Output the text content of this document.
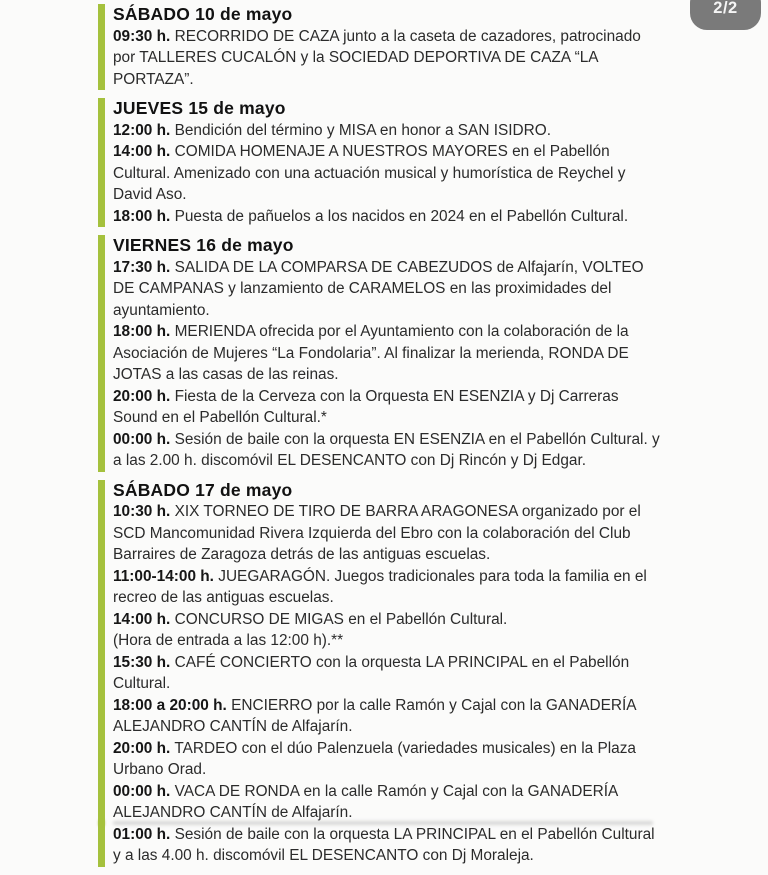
2/2
SÁBADO 10 de mayo

09:30 h. RECORRIDO DE CAZA junto a la caseta de cazadores, patrocinado por TALLERES CUCALÓN y la SOCIEDAD DEPORTIVA DE CAZA “LA PORTAZA”.

JUEVES 15 de mayo

12:00 h. Bendición del término y MISA en honor a SAN ISIDRO.

14:00 h. COMIDA HOMENAJE A NUESTROS MAYORES en el Pabellón Cultural. Amenizado con una actuación musical y humorística de Reychel y David Aso.

18:00 h. Puesta de pañuelos a los nacidos en 2024 en el Pabellón Cultural.

VIERNES 16 de mayo

17:30 h. SALIDA DE LA COMPARSA DE CABEZUDOS de Alfajarín, VOLTEO DE CAMPANAS y lanzamiento de CARAMELOS en las proximidades del ayuntamiento.

18:00 h. MERIENDA ofrecida por el Ayuntamiento con la colaboración de la Asociación de Mujeres “La Fondolaria”. Al finalizar la merienda, RONDA DE JOTAS a las casas de las reinas.

20:00 h. Fiesta de la Cerveza con la Orquesta EN ESENZIA y Dj Carreras Sound en el Pabellón Cultural.*

00:00 h. Sesión de baile con la orquesta EN ESENZIA en el Pabellón Cultural. y a las 2.00 h. discomóvil EL DESENCANTO con Dj Rincón y Dj Edgar.

SÁBADO 17 de mayo

10:30 h. XIX TORNEO DE TIRO DE BARRA ARAGONESA organizado por el SCD Mancomunidad Rivera Izquierda del Ebro con la colaboración del Club Barraires de Zaragoza detrás de las antiguas escuelas.

11:00-14:00 h. JUEGARAGÓN. Juegos tradicionales para toda la familia en el recreo de las antiguas escuelas.

14:00 h. CONCURSO DE MIGAS en el Pabellón Cultural.

(Hora de entrada a las 12:00 h).**

15:30 h. CAFÉ CONCIERTO con la orquesta LA PRINCIPAL en el Pabellón Cultural.

18:00 a 20:00 h. ENCIERRO por la calle Ramón y Cajal con la GANADERÍA ALEJANDRO CANTÍN de Alfajarín.

20:00 h. TARDEO con el dúo Palenzuela (variedades musicales) en la Plaza Urbano Orad.

00:00 h. VACA DE RONDA en la calle Ramón y Cajal con la GANADERÍA ALEJANDRO CANTÍN de Alfajarín.

01:00 h. Sesión de baile con la orquesta LA PRINCIPAL en el Pabellón Cultural y a las 4.00 h. discomóvil EL DESENCANTO con Dj Moraleja.
